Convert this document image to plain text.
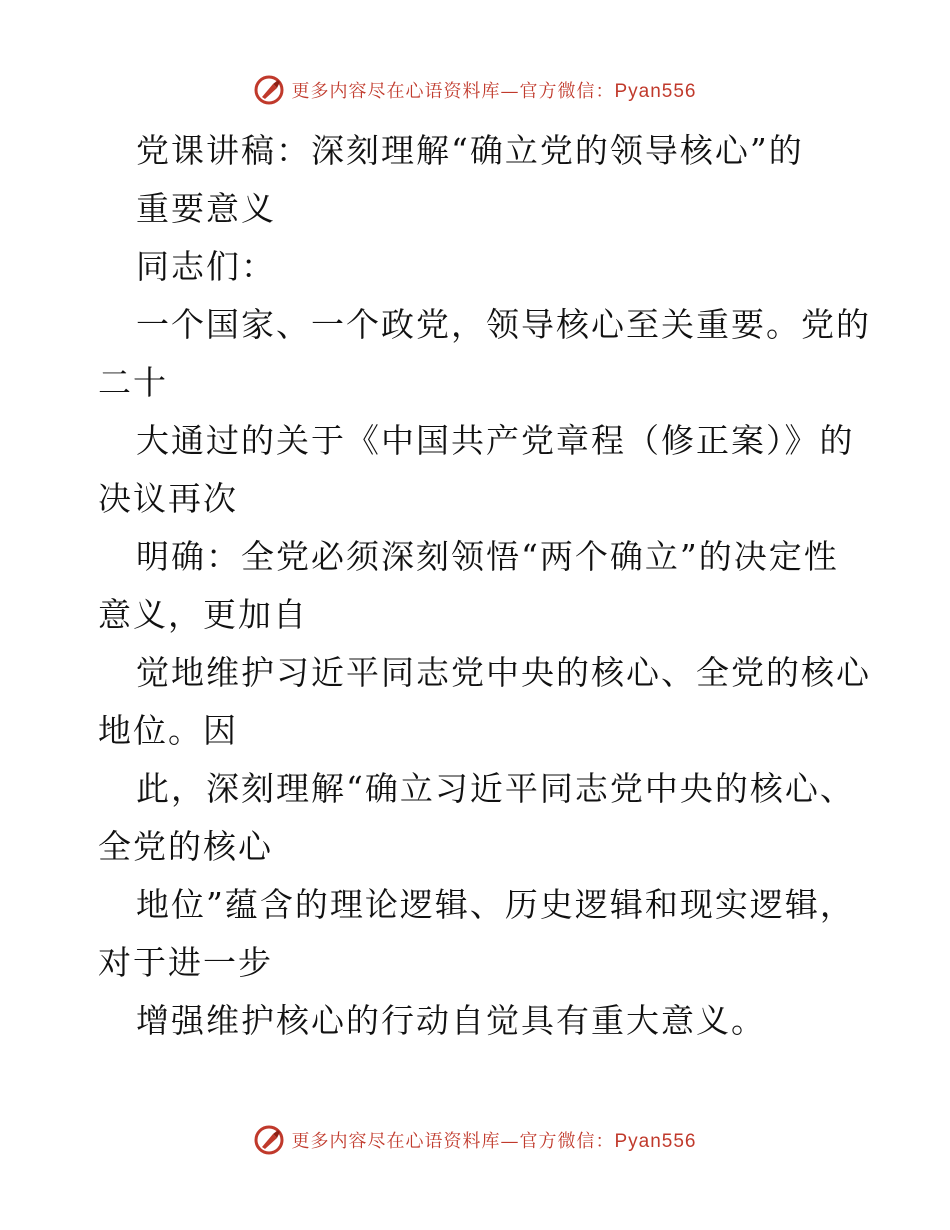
更多内容尽在心语资料库—官方微信：Pyan556
党课讲稿：深刻理解“确立党的领导核心”的
重要意义
同志们：
一个国家、一个政党，领导核心至关重要。党的
二十
大通过的关于《中国共产党章程（修正案）》的
决议再次
明确：全党必须深刻领悟“两个确立”的决定性
意义，更加自
觉地维护习近平同志党中央的核心、全党的核心
地位。因
此，深刻理解“确立习近平同志党中央的核心、
全党的核心
地位”蕴含的理论逻辑、历史逻辑和现实逻辑，
对于进一步
增强维护核心的行动自觉具有重大意义。
更多内容尽在心语资料库—官方微信：Pyan556
